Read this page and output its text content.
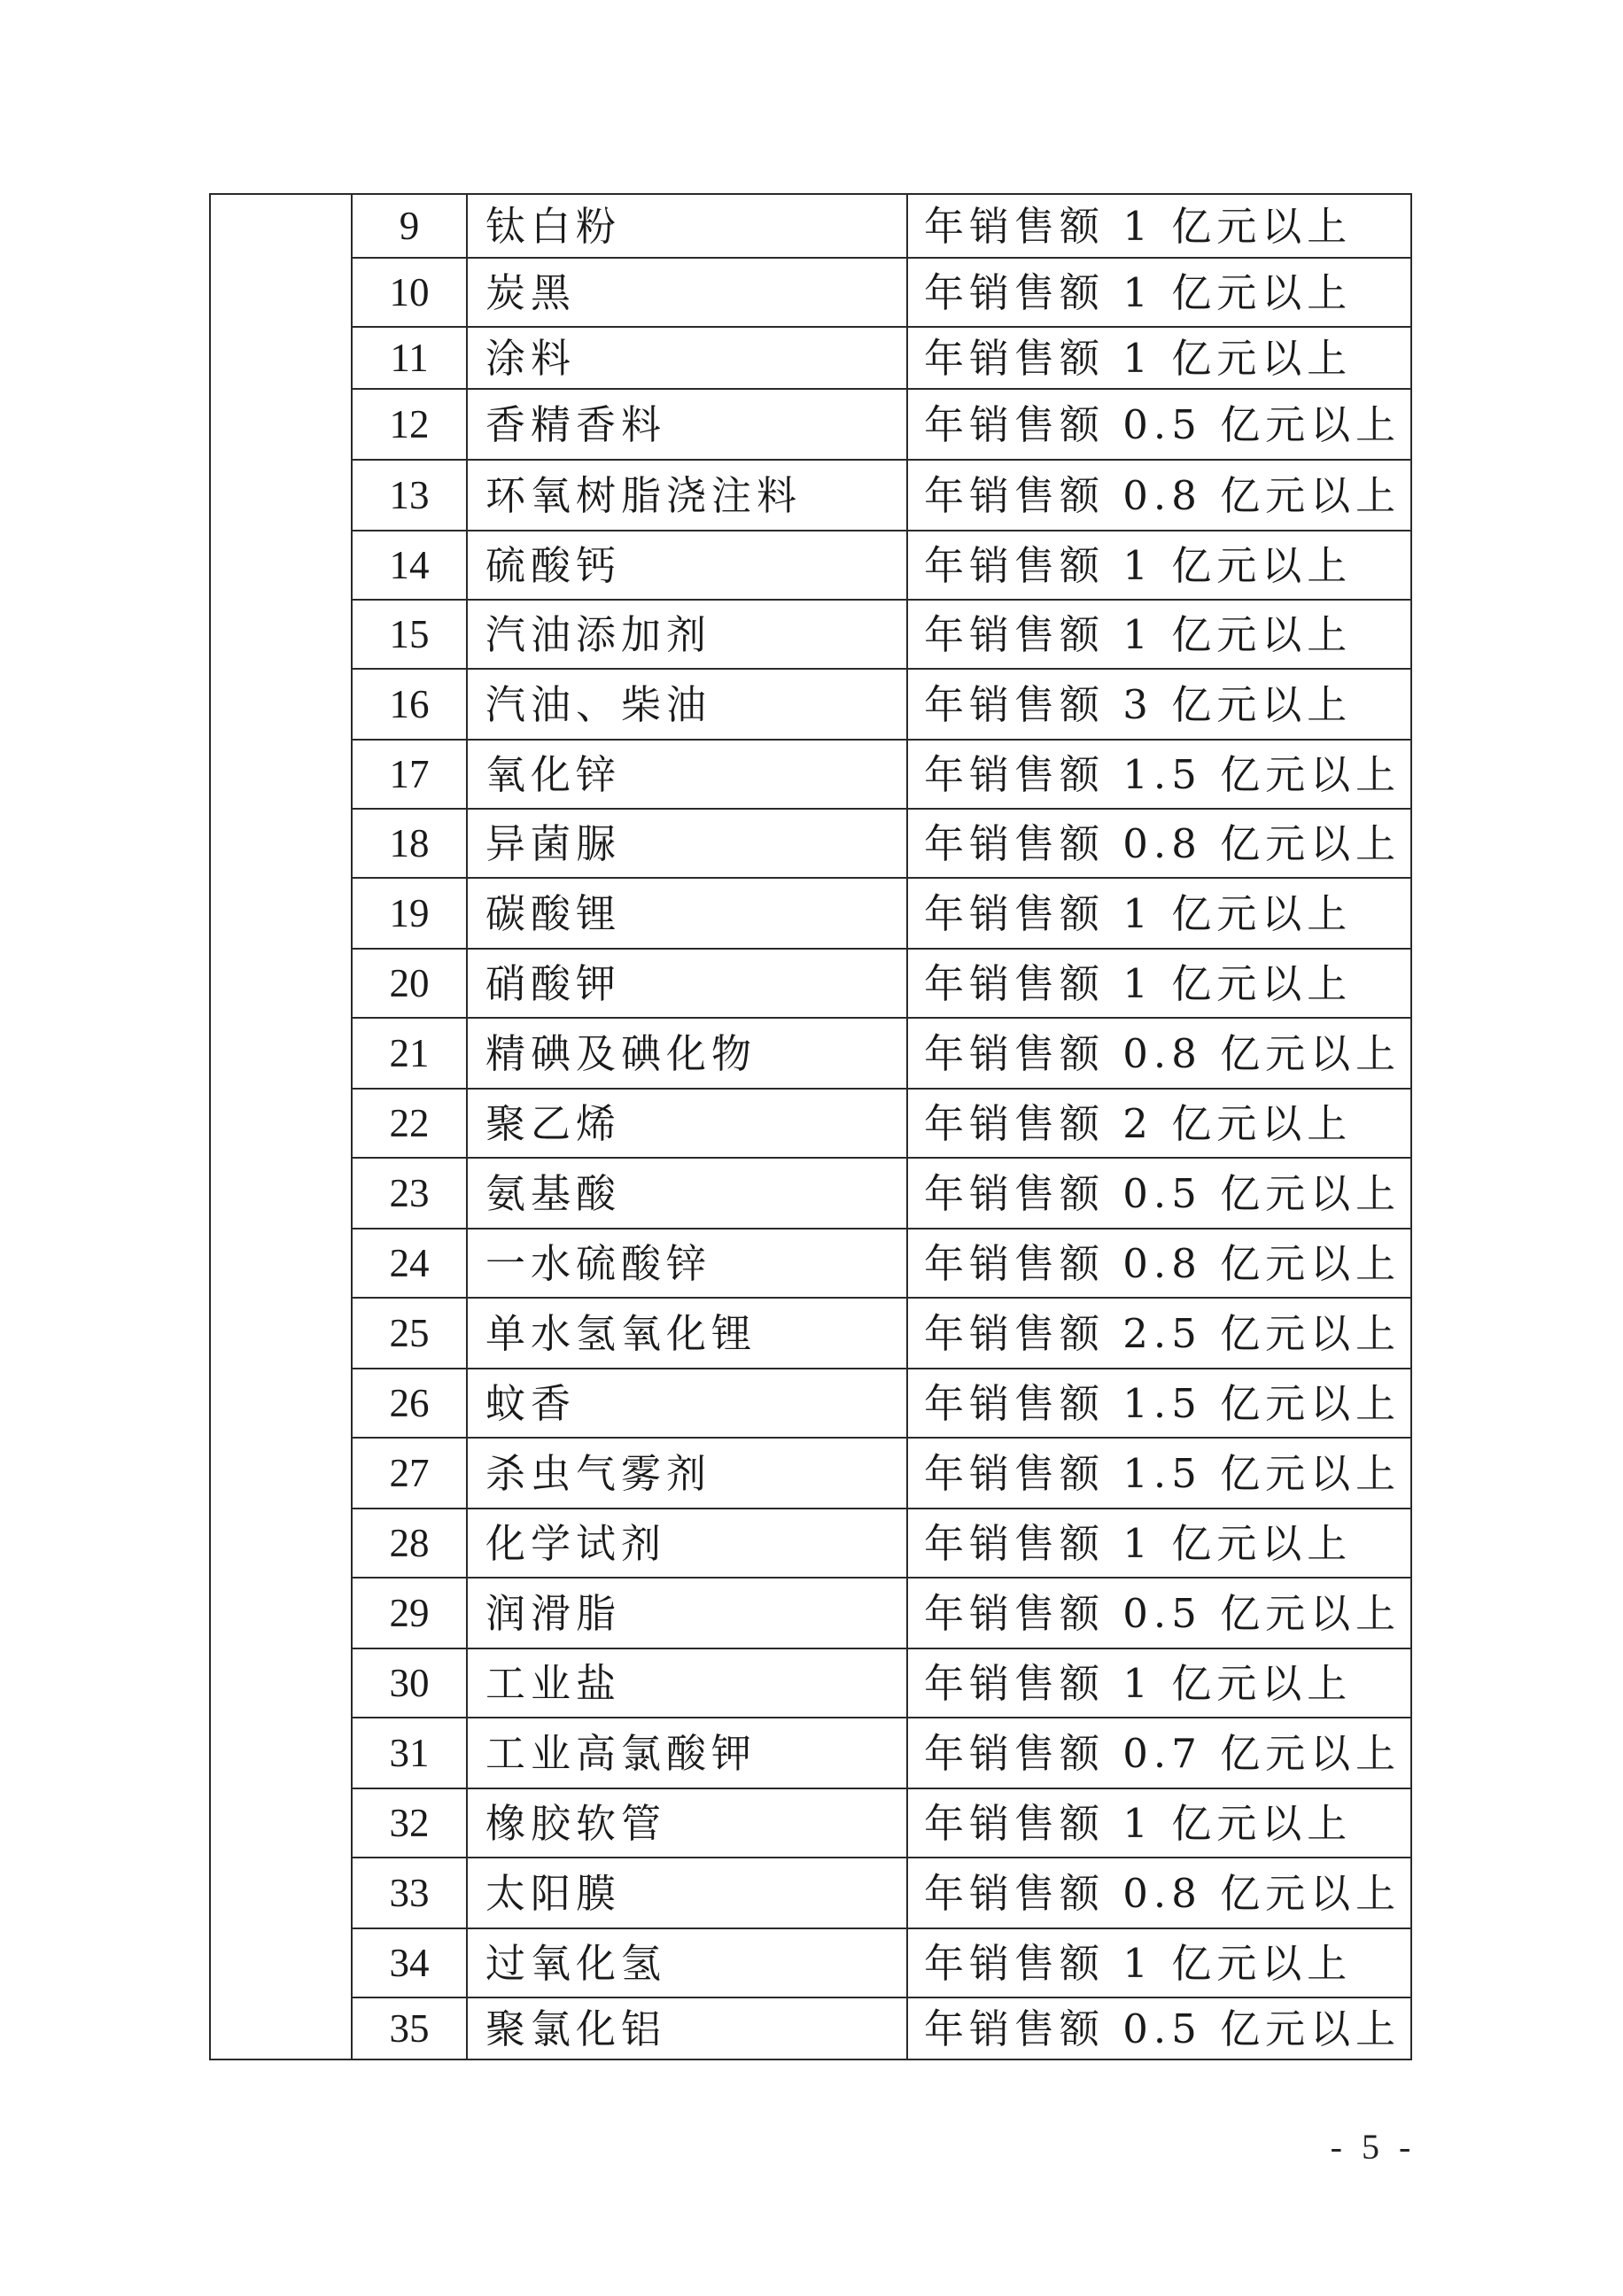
	9	钛白粉	年销售额 1 亿元以上
	10	炭黑	年销售额 1 亿元以上
	11	涂料	年销售额 1 亿元以上
	12	香精香料	年销售额 0.5 亿元以上
	13	环氧树脂浇注料	年销售额 0.8 亿元以上
	14	硫酸钙	年销售额 1 亿元以上
	15	汽油添加剂	年销售额 1 亿元以上
	16	汽油、柴油	年销售额 3 亿元以上
	17	氧化锌	年销售额 1.5 亿元以上
	18	异菌脲	年销售额 0.8 亿元以上
	19	碳酸锂	年销售额 1 亿元以上
	20	硝酸钾	年销售额 1 亿元以上
	21	精碘及碘化物	年销售额 0.8 亿元以上
	22	聚乙烯	年销售额 2 亿元以上
	23	氨基酸	年销售额 0.5 亿元以上
	24	一水硫酸锌	年销售额 0.8 亿元以上
	25	单水氢氧化锂	年销售额 2.5 亿元以上
	26	蚊香	年销售额 1.5 亿元以上
	27	杀虫气雾剂	年销售额 1.5 亿元以上
	28	化学试剂	年销售额 1 亿元以上
	29	润滑脂	年销售额 0.5 亿元以上
	30	工业盐	年销售额 1 亿元以上
	31	工业高氯酸钾	年销售额 0.7 亿元以上
	32	橡胶软管	年销售额 1 亿元以上
	33	太阳膜	年销售额 0.8 亿元以上
	34	过氧化氢	年销售额 1 亿元以上
	35	聚氯化铝	年销售额 0.5 亿元以上
- 5 -
